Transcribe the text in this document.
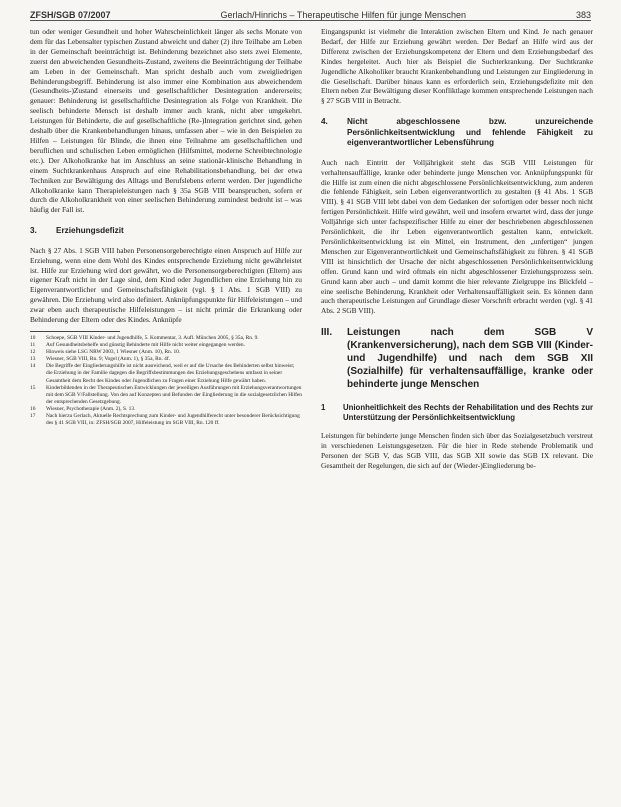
ZFSH/SGB 07/2007	Gerlach/Hinrichs – Therapeutische Hilfen für junge Menschen	383

tun oder weniger Gesundheit und hoher Wahrscheinlichkeit länger als sechs Monate von dem für das Lebensalter typischen Zustand abweicht und daher (2) ihre Teilhabe am Leben in der Gemeinschaft beeinträchtigt ist. Behinderung bezeichnet also stets zwei Elemente, zuerst den abweichenden Gesundheits-Zustand, zweitens die Beeinträchtigung der Teilhabe am Leben in der Gemeinschaft. Man spricht deshalb auch vom zweigliedrigen Behinderungsbegriff. Behinderung ist also immer eine Kombination aus abweichendem (Gesundheits-)Zustand einerseits und gesellschaftlicher Desintegration andererseits; genauer: Behinderung ist gesellschaftliche Desintegration als Folge von Krankheit. Die seelisch behinderte Mensch ist deshalb immer auch krank, nicht aber umgekehrt. Leistungen für Behinderte, die auf gesellschaftliche (Re-)Integration gerichtet sind, gehen deshalb über die Krankenbehandlungen hinaus, umfassen aber – wie in den Beispielen zu Hilfen – Leistungen für Blinde, die ihnen eine Teilnahme am gesellschaftlichen und beruflichen und schulischen Leben ermöglichen (Hilfsmittel, moderne Schreibtechnologie etc.). Der Alkoholkranke hat im Anschluss an seine stationär-klinische Behandlung in einem Suchtkrankenhaus Anspruch auf eine Rehabilitationsbehandlung, bei der etwa Techniken zur Bewältigung des Alltags und Berufslebens erlernt werden. Der jugendliche Alkoholkranke kann Therapieleistungen nach § 35a SGB VIII beanspruchen, sofern er durch die Alkoholkrankheit von einer seelischen Behinderung zumindest bedroht ist – was häufig der Fall ist.

3.	Erziehungsdefizit

Nach § 27 Abs. 1 SGB VIII haben Personensorgeberechtigte einen Anspruch auf Hilfe zur Erziehung, wenn eine dem Wohl des Kindes entsprechende Erziehung nicht gewährleistet ist. Hilfe zur Erziehung wird dort gewährt, wo die Personensorgeberechtigten (Eltern) aus eigener Kraft nicht in der Lage sind, dem Kind oder Jugendlichen eine Erziehung hin zu Eigenverantwortlicher und Gemeinschaftsfähigkeit (vgl. § 1 Abs. 1 SGB VIII) zu gewähren. Die Erziehung wird also definiert. Anknüpfungspunkte für Hilfeleistungen – und zwar eben auch therapeutische Hilfeleistungen – ist nicht primär die Erkrankung oder Behinderung der Eltern oder des Kindes. Anknüpfe

10	Schoepe, SGB VIII Kinder- und Jugendhilfe, 5. Kommentar, 3. Aufl. München 2005, § 35a, Rn. 9.
11	Auf Gesundheitsbehelfe und günstig Behinderte mit Hilfe nicht weiter eingegangen werden.
12	Hinweis siehe LSG NRW 2003, 1 Wiesner (Anm. 10), Rn. 10.
13	Wiesner, SGB VIII, Rn. 9; Vogel (Anm. 1), § 35a, Rn. 4f.
14	Die Begriffe der Eingliederungshilfe ist nicht ausreichend, weil er auf die Ursache des Behinderten selbst hinweist; die Erziehung in der Familie dagegen die Begriffsbestimmungen des Erziehungsgeschehens umfasst in seiner Gesamtheit dem Recht des Kindes oder Jugendlichen zu Fragen einer Erziehung Hilfe gewährt haben.
15	Kinderbildenden in der Therapeutischen Entwicklungen der jeweiligen Ausführungen mit Erziehungsverantwortungen mit dem SGB V/Fallstellung. Von den auf Konzepten und Befunden der Eingliederung in die sozialgesetzlichen Hilfen der entsprechenden Gesetzgebung.
16	Wiesner, Psychotherapie (Anm. 2), S. 13.
17	Nach hierzu Gerlach, Aktuelle Rechtsprechung zum Kinder- und Jugendhilferecht unter besonderer Berücksichtigung des § 41 SGB VIII, in: ZFSH/SGB 2007, Hilfeleistung im SGB VIII, Rn. 120 ff.

Eingangspunkt ist vielmehr die Interaktion zwischen Eltern und Kind. Je nach genauer Bedarf, der Hilfe zur Erziehung gewährt werden. Der Bedarf an Hilfe wird aus der Differenz zwischen der Erziehungskompetenz der Eltern und dem Erziehungsbedarf des Kindes hergeleitet. Auch hier als Beispiel die Suchterkrankung. Der Suchtkranke Jugendliche Alkoholiker braucht Krankenbehandlung und Leistungen zur Eingliederung in die Gesellschaft. Darüber hinaus kann es erforderlich sein, Erziehungsdefizite mit den Eltern neben Zur Bewältigung dieser Konfliktlage kommen entsprechende Leistungen nach § 27 SGB VIII in Betracht.

4.	Nicht abgeschlossene bzw. unzureichende Persönlichkeitsentwicklung und fehlende Fähigkeit zu eigenverantwortlicher Lebensführung

Auch nach Eintritt der Volljährigkeit steht das SGB VIII Leistungen für verhaltensauffällige, kranke oder behinderte junge Menschen vor. Anknüpfungspunkt für die Hilfe ist zum einen die nicht abgeschlossene Persönlichkeitsentwicklung, zum anderen die fehlende Fähigkeit, sein Leben eigenverantwortlich zu gestalten (§ 41 Abs. 1 SGB VIII). § 41 SGB VIII lebt dabei von dem Gedanken der sofortigen oder besser noch nicht fertigen Persönlichkeit. Hilfe wird gewährt, weil und insofern erwartet wird, dass der junge Volljährige sich unter fachspezifischer Hilfe zu einer der beschriebenen abgeschlossenen Persönlichkeit, die ihr Leben eigenverantwortlich gestalten kann, entwickelt. Persönlichkeitsentwicklung ist ein Mittel, ein Instrument, den „unfertigen“ jungen Menschen zur Eigenverantwortlichkeit und Gemeinschaftsfähigkeit zu führen. § 41 SGB VIII ist hinsichtlich der Ursache der nicht abgeschlossenen Persönlichkeitsentwicklung offen. Grund kann und wird oftmals ein nicht abgeschlossener Erziehungsprozess sein. Grund kann aber auch – und damit kommt die hier relevante Zielgruppe ins Blickfeld – eine seelische Behinderung, Krankheit oder Verhaltensauffälligkeit sein. Es können dann auch therapeutische Leistungen auf Grundlage dieser Vorschrift erbracht werden (vgl. § 41 Abs. 2 SGB VIII).

III.	Leistungen nach dem SGB V (Krankenversicherung), nach dem SGB VIII (Kinder- und Jugendhilfe) und nach dem SGB XII (Sozialhilfe) für verhaltensauffällige, kranke oder behinderte junge Menschen
1	Unionheitlichkeit des Rechts der Rehabilitation und des Rechts zur Unterstützung der Persönlichkeitsentwicklung

Leistungen für behinderte junge Menschen finden sich über das Sozialgesetzbuch verstreut in verschiedenen Leistungsgesetzen. Für die hier in Rede stehende Problematik und Personen der SGB V, das SGB VIII, das SGB XII sowie das SGB IX relevant. Die Gesamtheit der Regelungen, die sich auf der (Wieder-)Eingliederung be-
